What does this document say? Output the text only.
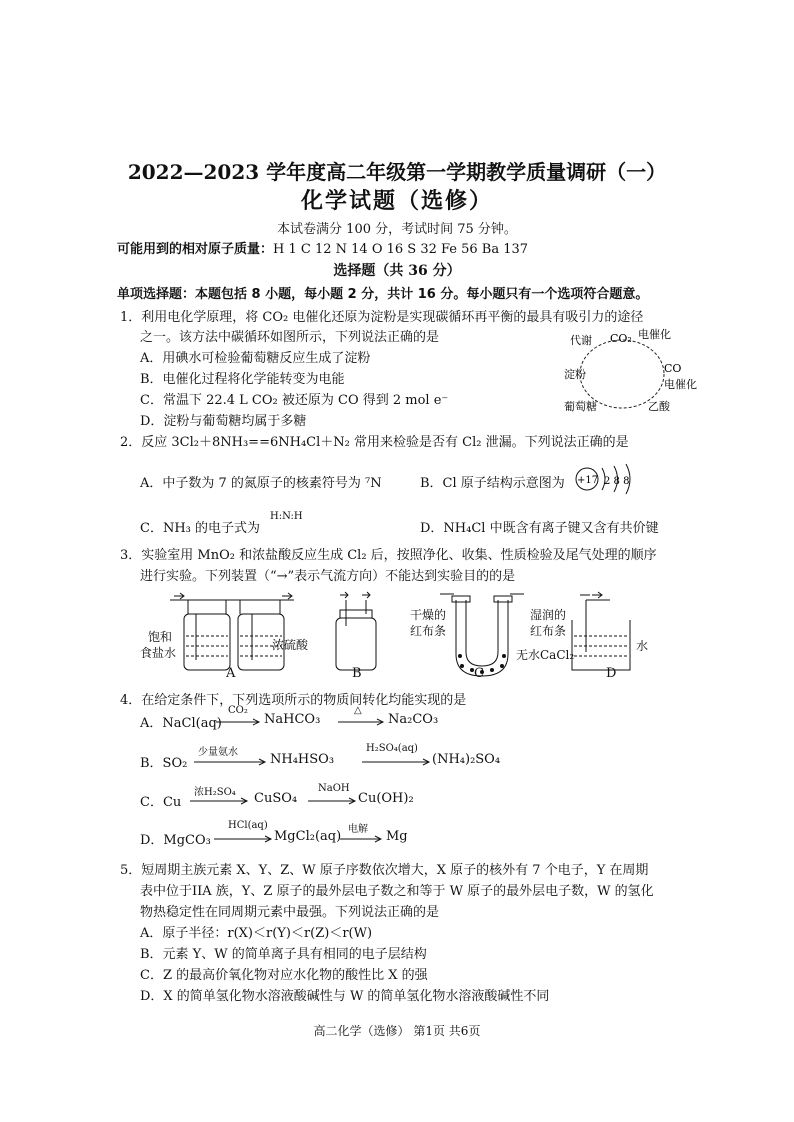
2022—2023 学年度高二年级第一学期教学质量调研（一）
化学试题（选修）
本试卷满分 100 分，考试时间 75 分钟。
可能用到的相对原子质量：H 1 C 12 N 14 O 16 S 32 Fe 56 Ba 137
选择题（共 36 分）
单项选择题：本题包括 8 小题，每小题 2 分，共计 16 分。每小题只有一个选项符合题意。
1．利用电化学原理，将 CO₂ 电催化还原为淀粉是实现碳循环再平衡的最具有吸引力的途径
之一。该方法中碳循环如图所示，下列说法正确的是
A．用碘水可检验葡萄糖反应生成了淀粉
B．电催化过程将化学能转变为电能
C．常温下 22.4 L CO₂ 被还原为 CO 得到 2 mol e⁻
D．淀粉与葡萄糖均属于多糖
代谢 CO₂ 电催化
淀粉	CO
电催化
葡萄糖	乙酸
2．反应 3Cl₂＋8NH₃==6NH₄Cl＋N₂ 常用来检验是否有 Cl₂ 泄漏。下列说法正确的是
A．中子数为 7 的氮原子的核素符号为 ⁷N	B．Cl 原子结构示意图为 +17 2 8 8
C．NH₃ 的电子式为
H:N:H
D．NH₄Cl 中既含有离子键又含有共价键
3．实验室用 MnO₂ 和浓盐酸反应生成 Cl₂ 后，按照净化、收集、性质检验及尾气处理的顺序
进行实验。下列装置（“→”表示气流方向）不能达到实验目的的是
饱和
食盐水
浓硫酸
干燥的
红布条
湿润的
红布条
无水CaCl₂
水
A	B	C	D
4．在给定条件下，下列选项所示的物质间转化均能实现的是
A．NaCl(aq)
CO₂
NaHCO₃
△
Na₂CO₃
B．SO₂
少量氨水 NH₄HSO₃
H₂SO₄(aq)
(NH₄)₂SO₄
C．Cu
浓H₂SO₄ CuSO₄
NaOH
Cu(OH)₂
D．MgCO₃
HCl(aq)
MgCl₂(aq) 电解 Mg
5．短周期主族元素 X、Y、Z、W 原子序数依次增大，X 原子的核外有 7 个电子，Y 在周期
表中位于IIA 族，Y、Z 原子的最外层电子数之和等于 W 原子的最外层电子数，W 的氢化
物热稳定性在同周期元素中最强。下列说法正确的是
A．原子半径：r(X)＜r(Y)＜r(Z)＜r(W)
B．元素 Y、W 的简单离子具有相同的电子层结构
C．Z 的最高价氧化物对应水化物的酸性比 X 的强
D．X 的简单氢化物水溶液酸碱性与 W 的简单氢化物水溶液酸碱性不同
高二化学（选修） 第1页 共6页
